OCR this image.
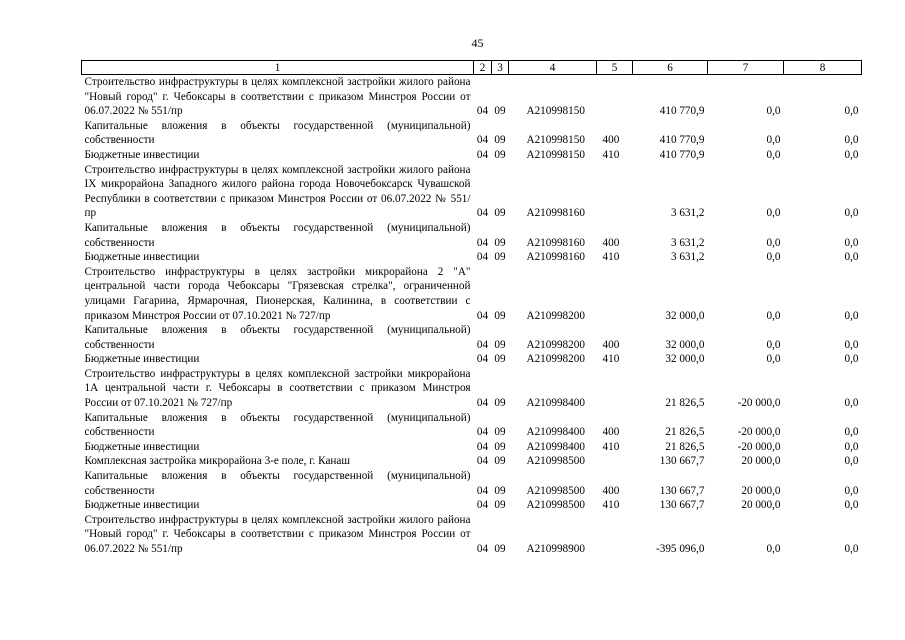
45
1	2	3	4	5	6	7	8
Строительство инфраструктуры в целях комплексной застройки жилого района "Новый город" г. Чебоксары в соответствии с приказом Минстроя России от 06.07.2022 № 551/пр	04	09	А210998150		410 770,9	0,0	0,0
Капитальные вложения в объекты государственной (муниципальной) собственности	04	09	А210998150	400	410 770,9	0,0	0,0
Бюджетные инвестиции	04	09	А210998150	410	410 770,9	0,0	0,0
Строительство инфраструктуры в целях комплексной застройки жилого района IX микрорайона Западного жилого района города Новочебоксарск Чувашской Республики в соответствии с приказом Минстроя России от 06.07.2022 № 551/пр	04	09	А210998160		3 631,2	0,0	0,0
Капитальные вложения в объекты государственной (муниципальной) собственности	04	09	А210998160	400	3 631,2	0,0	0,0
Бюджетные инвестиции	04	09	А210998160	410	3 631,2	0,0	0,0
Строительство инфраструктуры в целях застройки микрорайона 2 "А" центральной части города Чебоксары "Грязевская стрелка", ограниченной улицами Гагарина, Ярмарочная, Пионерская, Калинина, в соответствии с приказом Минстроя России от 07.10.2021 № 727/пр	04	09	А210998200		32 000,0	0,0	0,0
Капитальные вложения в объекты государственной (муниципальной) собственности	04	09	А210998200	400	32 000,0	0,0	0,0
Бюджетные инвестиции	04	09	А210998200	410	32 000,0	0,0	0,0
Строительство инфраструктуры в целях комплексной застройки микрорайона 1А центральной части г. Чебоксары в соответствии с приказом Минстроя России от 07.10.2021 № 727/пр	04	09	А210998400		21 826,5	-20 000,0	0,0
Капитальные вложения в объекты государственной (муниципальной) собственности	04	09	А210998400	400	21 826,5	-20 000,0	0,0
Бюджетные инвестиции	04	09	А210998400	410	21 826,5	-20 000,0	0,0
Комплексная застройка микрорайона 3-е поле, г. Канаш	04	09	А210998500		130 667,7	20 000,0	0,0
Капитальные вложения в объекты государственной (муниципальной) собственности	04	09	А210998500	400	130 667,7	20 000,0	0,0
Бюджетные инвестиции	04	09	А210998500	410	130 667,7	20 000,0	0,0
Строительство инфраструктуры в целях комплексной застройки жилого района "Новый город" г. Чебоксары в соответствии с приказом Минстроя России от 06.07.2022 № 551/пр	04	09	А210998900		-395 096,0	0,0	0,0
